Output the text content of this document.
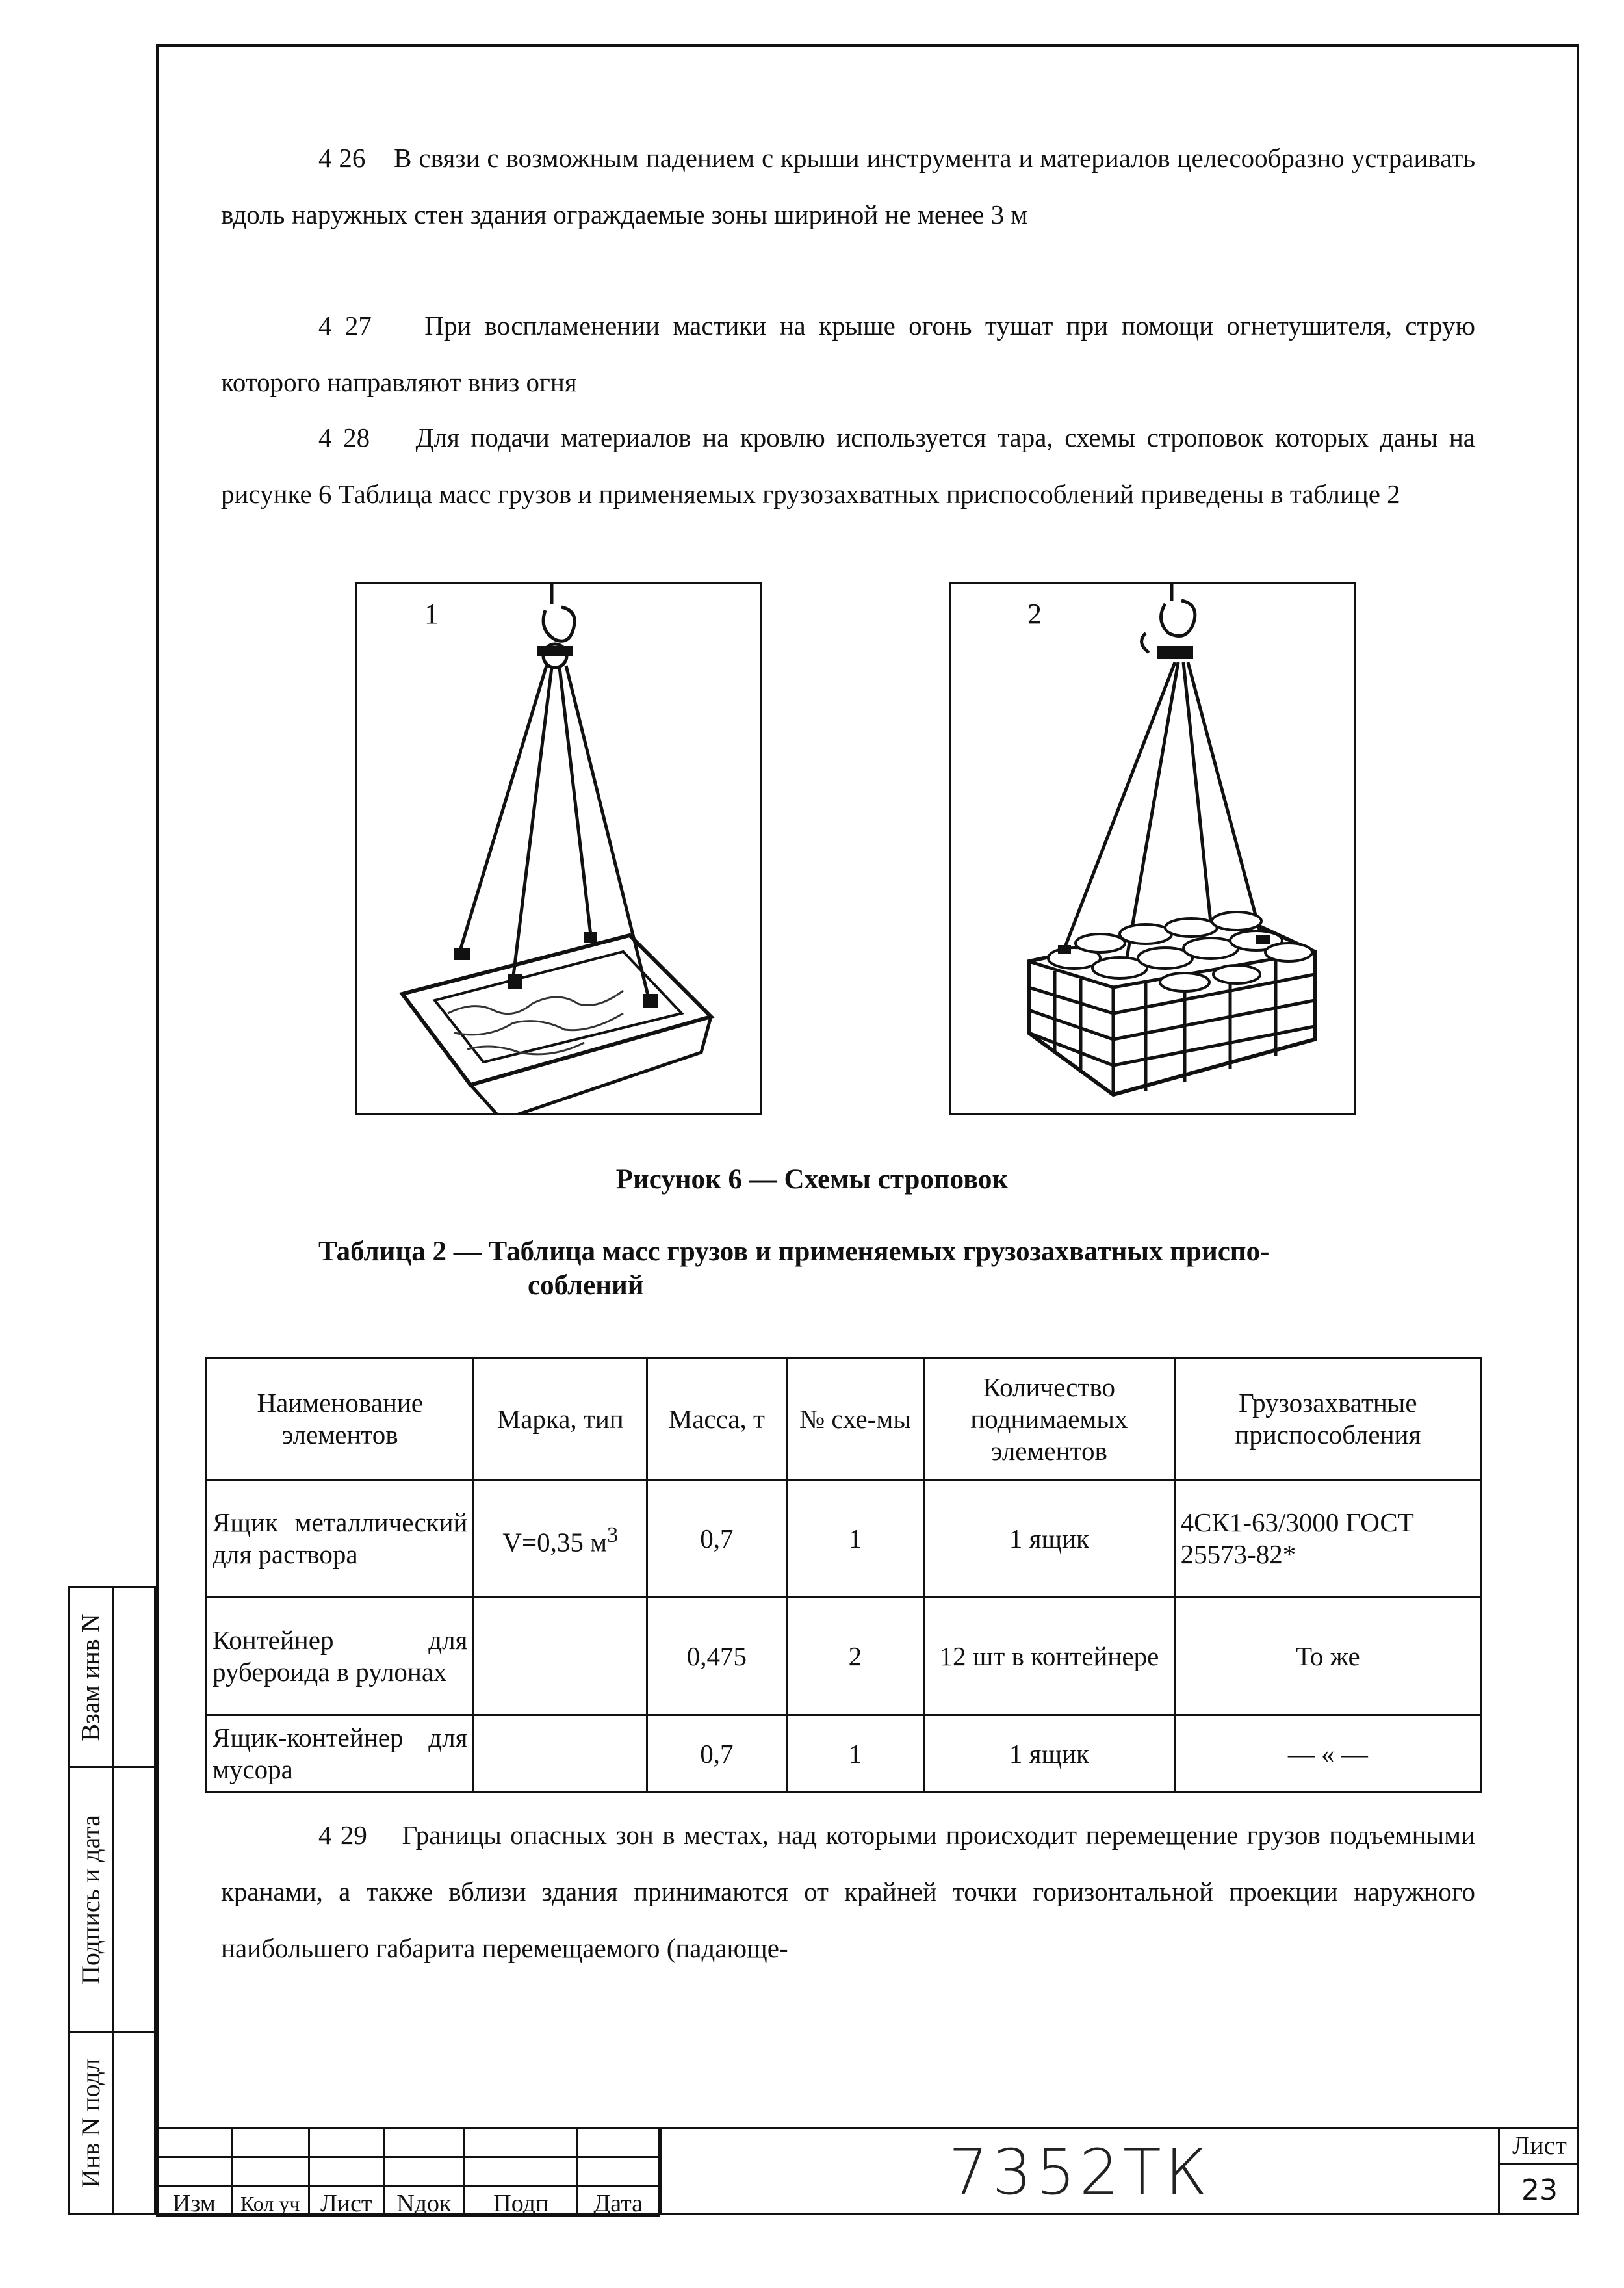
4 26 В связи с возможным падением с крыши инструмента и материалов целесообразно устраивать вдоль наружных стен здания ограждаемые зоны шириной не менее 3 м

4 27 При воспламенении мастики на крыше огонь тушат при помощи огнетушителя, струю которого направляют вниз огня

4 28 Для подачи материалов на кровлю используется тара, схемы строповок которых даны на рисунке 6 Таблица масс грузов и применяемых грузозахватных приспособлений приведены в таблице 2

1	2

Рисунок 6 — Схемы строповок

Таблица 2 — Таблица масс грузов и применяемых грузозахватных приспо-
соблений

Наименование элементов	Марка, тип	Масса, т	№ схе-мы	Количество поднимаемых элементов	Грузозахватные приспособления
Ящик металлический для раствора	V=0,35 $м^3$	0,7	1	1 ящик	4СК1-63/3000 ГОСТ 25573-82*
Контейнер для рубероида в рулонах		0,475	2	12 шт в контейнере	То же
Ящик-контейнер для мусора		0,7	1	1 ящик	— « —

4 29 Границы опасных зон в местах, над которыми происходит перемещение грузов подъемными кранами, а также вблизи здания принимаются от крайней точки горизонтальной проекции наружного наибольшего габарита перемещаемого (падающе-

Изм	Кол уч	Лист	Nдок	Подп	Дата	7352ТК	Лист
23
Взам инв N
Подпись и дата
Инв N подл
